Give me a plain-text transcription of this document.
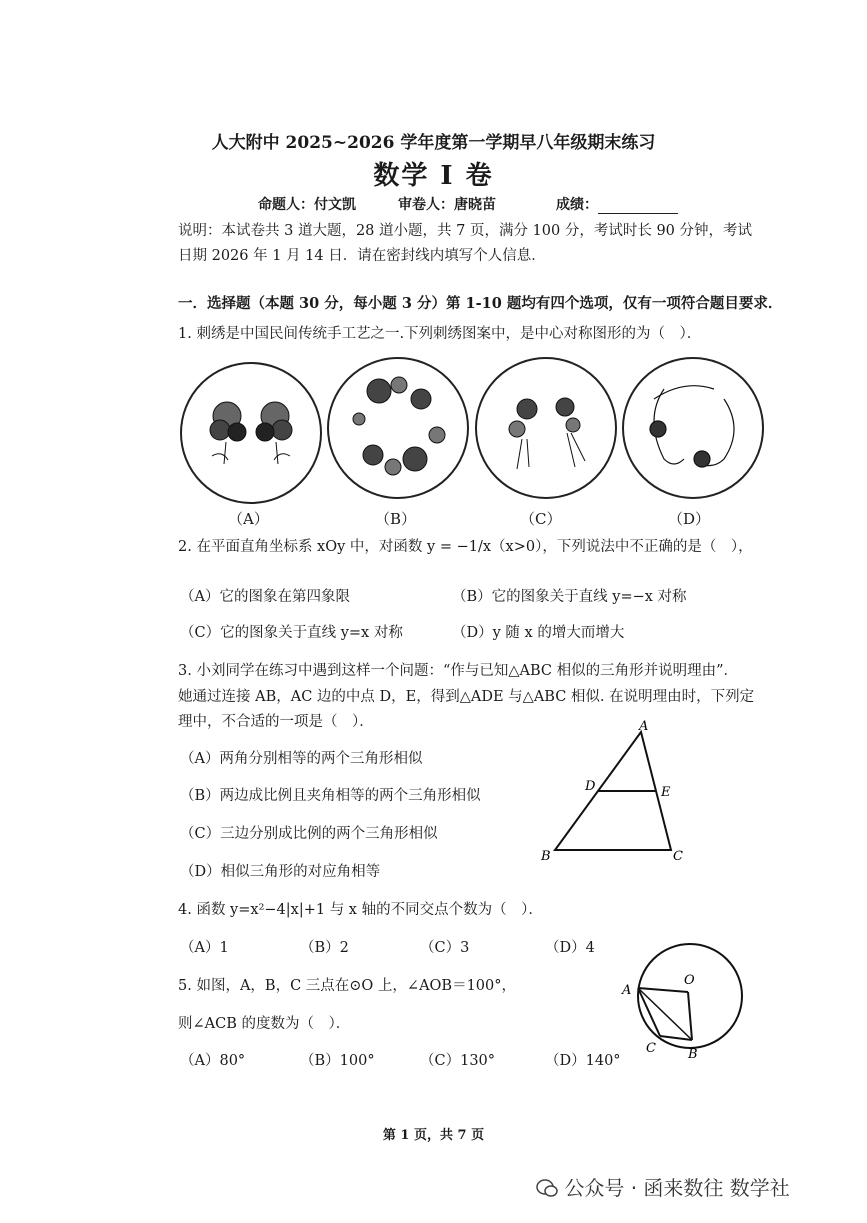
人大附中 2025~2026 学年度第一学期早八年级期末练习
数学 I 卷
命题人：付文凯	审卷人：唐晓苗	成绩：
说明：本试卷共 3 道大题，28 道小题，共 7 页，满分 100 分，考试时长 90 分钟，考试
日期 2026 年 1 月 14 日．请在密封线内填写个人信息．
一．选择题（本题 30 分，每小题 3 分）第 1-10 题均有四个选项，仅有一项符合题目要求．
1. 刺绣是中国民间传统手工艺之一.下列刺绣图案中，是中心对称图形的为（　）．
（A）	（B）	（C）	（D）
2. 在平面直角坐标系 xOy 中，对函数 y = −1/x（x>0），下列说法中不正确的是（　），
（A）它的图象在第四象限	（B）它的图象关于直线 y=−x 对称
（C）它的图象关于直线 y=x 对称	（D）y 随 x 的增大而增大
3. 小刘同学在练习中遇到这样一个问题：“作与已知△ABC 相似的三角形并说明理由”．
她通过连接 AB，AC 边的中点 D，E，得到△ADE 与△ABC 相似. 在说明理由时，下列定
理中，不合适的一项是（　）．
（A）两角分别相等的两个三角形相似
（B）两边成比例且夹角相等的两个三角形相似
（C）三边分别成比例的两个三角形相似
（D）相似三角形的对应角相等
A
B	C
D	E
4. 函数 y=x²−4|x|+1 与 x 轴的不同交点个数为（　）．
（A）1	（B）2	（C）3	（D）4
5. 如图，A，B，C 三点在⊙O 上，∠AOB＝100°，
则∠ACB 的度数为（　）．
（A）80°	（B）100°	（C）130°	（D）140°
O
A
C B
第 1 页，共 7 页
公众号 · 函来数往 数学社
